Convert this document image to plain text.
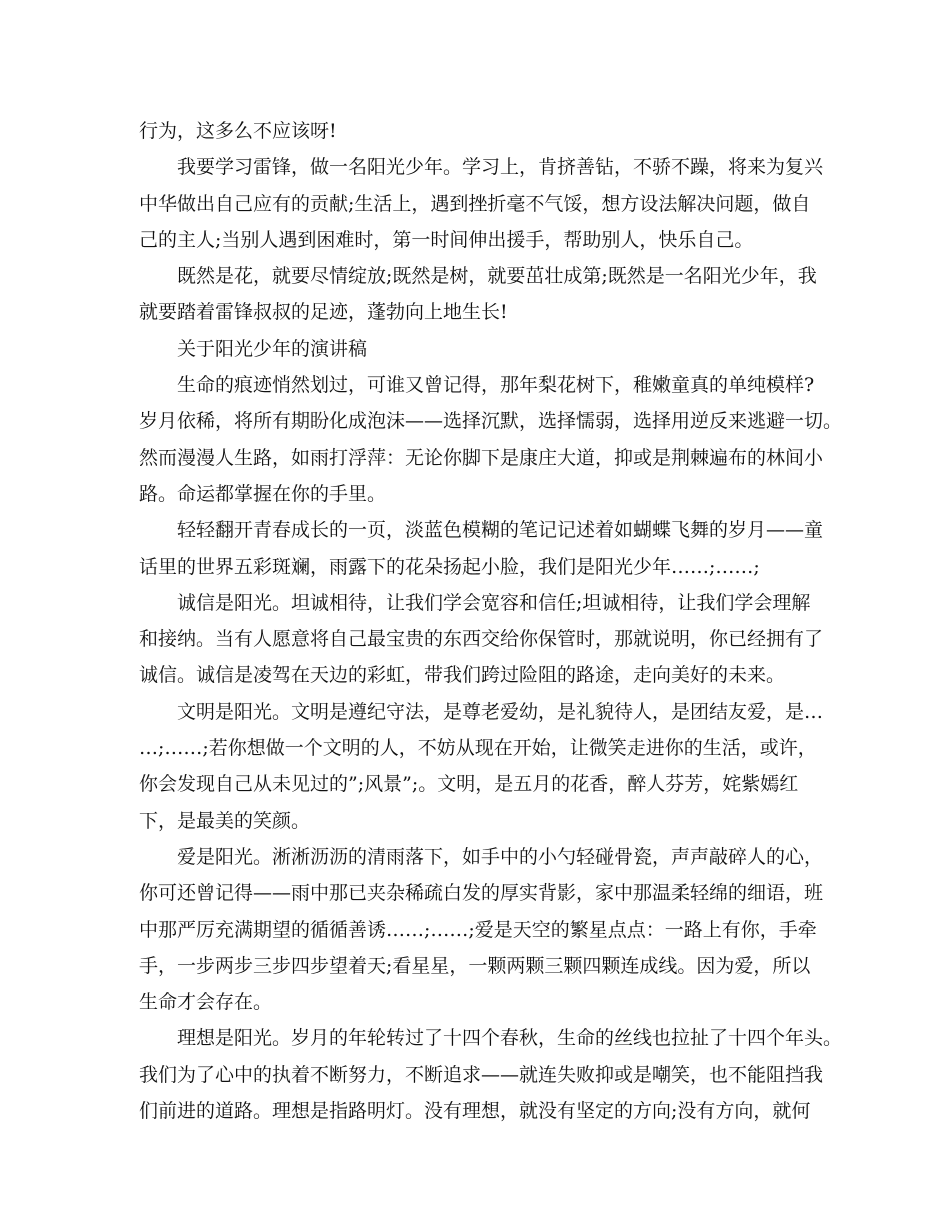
行为，这多么不应该呀!
我要学习雷锋，做一名阳光少年。学习上，肯挤善钻，不骄不躁，将来为复兴
中华做出自己应有的贡献;生活上，遇到挫折毫不气馁，想方设法解决问题，做自
己的主人;当别人遇到困难时，第一时间伸出援手，帮助别人，快乐自己。
既然是花，就要尽情绽放;既然是树，就要茁壮成第;既然是一名阳光少年，我
就要踏着雷锋叔叔的足迹，蓬勃向上地生长!
关于阳光少年的演讲稿
生命的痕迹悄然划过，可谁又曾记得，那年梨花树下，稚嫩童真的单纯模样?
岁月依稀，将所有期盼化成泡沫——选择沉默，选择懦弱，选择用逆反来逃避一切。
然而漫漫人生路，如雨打浮萍：无论你脚下是康庄大道，抑或是荆棘遍布的林间小
路。命运都掌握在你的手里。
轻轻翻开青春成长的一页，淡蓝色模糊的笔记记述着如蝴蝶飞舞的岁月——童
话里的世界五彩斑斓，雨露下的花朵扬起小脸，我们是阳光少年……;……;
诚信是阳光。坦诚相待，让我们学会宽容和信任;坦诚相待，让我们学会理解
和接纳。当有人愿意将自己最宝贵的东西交给你保管时，那就说明，你已经拥有了
诚信。诚信是凌驾在天边的彩虹，带我们跨过险阻的路途，走向美好的未来。
文明是阳光。文明是遵纪守法，是尊老爱幼，是礼貌待人，是团结友爱，是…
…;……;若你想做一个文明的人，不妨从现在开始，让微笑走进你的生活，或许，
你会发现自己从未见过的”;风景”;。文明，是五月的花香，醉人芬芳，姹紫嫣红
下，是最美的笑颜。
爱是阳光。淅淅沥沥的清雨落下，如手中的小勺轻碰骨瓷，声声敲碎人的心，
你可还曾记得——雨中那已夹杂稀疏白发的厚实背影，家中那温柔轻绵的细语，班
中那严厉充满期望的循循善诱……;……;爱是天空的繁星点点：一路上有你，手牵
手，一步两步三步四步望着天;看星星，一颗两颗三颗四颗连成线。因为爱，所以
生命才会存在。
理想是阳光。岁月的年轮转过了十四个春秋，生命的丝线也拉扯了十四个年头。
我们为了心中的执着不断努力，不断追求——就连失败抑或是嘲笑，也不能阻挡我
们前进的道路。理想是指路明灯。没有理想，就没有坚定的方向;没有方向，就何
